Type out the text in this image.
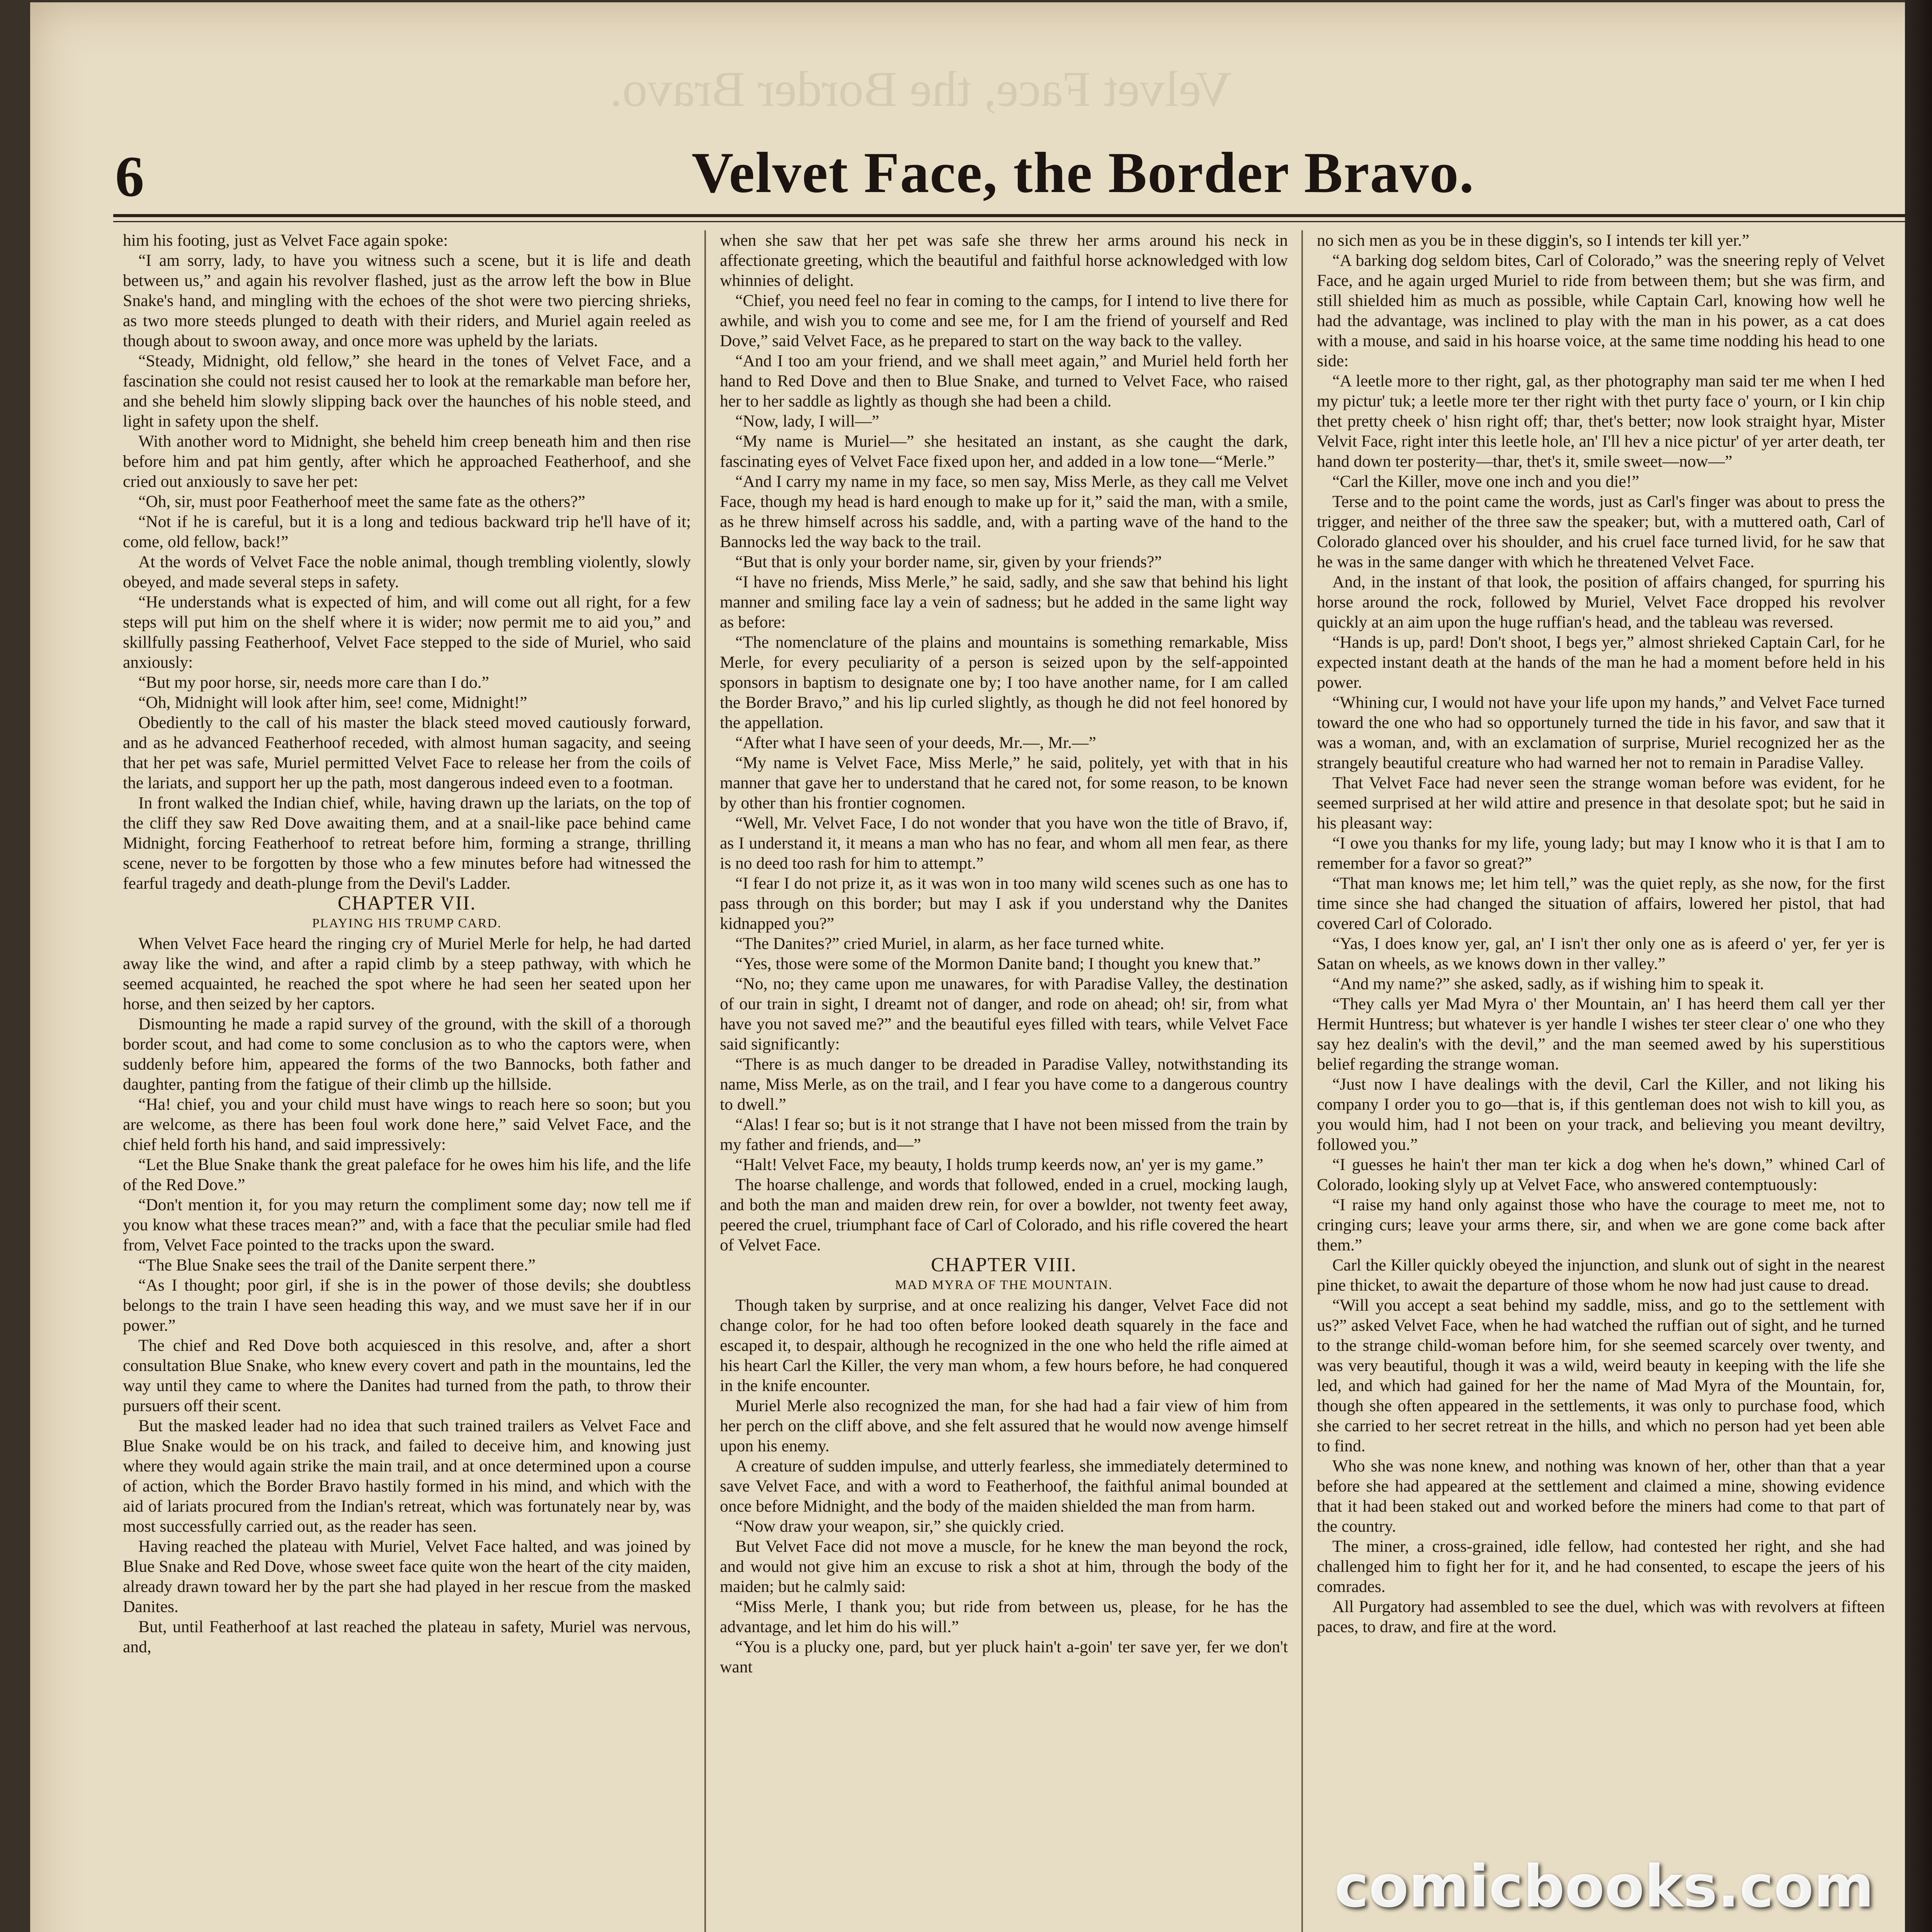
Velvet Face, the Border Bravo.
6	Velvet Face, the Border Bravo.

him his footing, just as Velvet Face again spoke:

“I am sorry, lady, to have you witness such a scene, but it is life and death between us,” and again his revolver flashed, just as the arrow left the bow in Blue Snake's hand, and mingling with the echoes of the shot were two piercing shrieks, as two more steeds plunged to death with their riders, and Muriel again reeled as though about to swoon away, and once more was upheld by the lariats.

“Steady, Midnight, old fellow,” she heard in the tones of Velvet Face, and a fascination she could not resist caused her to look at the remarkable man before her, and she beheld him slowly slipping back over the haunches of his noble steed, and light in safety upon the shelf.

With another word to Midnight, she beheld him creep beneath him and then rise before him and pat him gently, after which he approached Featherhoof, and she cried out anxiously to save her pet:

“Oh, sir, must poor Featherhoof meet the same fate as the others?”

“Not if he is careful, but it is a long and tedious backward trip he'll have of it; come, old fellow, back!”

At the words of Velvet Face the noble animal, though trembling violently, slowly obeyed, and made several steps in safety.

“He understands what is expected of him, and will come out all right, for a few steps will put him on the shelf where it is wider; now permit me to aid you,” and skillfully passing Featherhoof, Velvet Face stepped to the side of Muriel, who said anxiously:

“But my poor horse, sir, needs more care than I do.”

“Oh, Midnight will look after him, see! come, Midnight!”

Obediently to the call of his master the black steed moved cautiously forward, and as he advanced Featherhoof receded, with almost human sagacity, and seeing that her pet was safe, Muriel permitted Velvet Face to release her from the coils of the lariats, and support her up the path, most dangerous indeed even to a footman.

In front walked the Indian chief, while, having drawn up the lariats, on the top of the cliff they saw Red Dove awaiting them, and at a snail-like pace behind came Midnight, forcing Featherhoof to retreat before him, forming a strange, thrilling scene, never to be forgotten by those who a few minutes before had witnessed the fearful tragedy and death-plunge from the Devil's Ladder.

CHAPTER VII.

PLAYING HIS TRUMP CARD.

When Velvet Face heard the ringing cry of Muriel Merle for help, he had darted away like the wind, and after a rapid climb by a steep pathway, with which he seemed acquainted, he reached the spot where he had seen her seated upon her horse, and then seized by her captors.

Dismounting he made a rapid survey of the ground, with the skill of a thorough border scout, and had come to some conclusion as to who the captors were, when suddenly before him, appeared the forms of the two Bannocks, both father and daughter, panting from the fatigue of their climb up the hillside.

“Ha! chief, you and your child must have wings to reach here so soon; but you are welcome, as there has been foul work done here,” said Velvet Face, and the chief held forth his hand, and said impressively:

“Let the Blue Snake thank the great paleface for he owes him his life, and the life of the Red Dove.”

“Don't mention it, for you may return the compliment some day; now tell me if you know what these traces mean?” and, with a face that the peculiar smile had fled from, Velvet Face pointed to the tracks upon the sward.

“The Blue Snake sees the trail of the Danite serpent there.”

“As I thought; poor girl, if she is in the power of those devils; she doubtless belongs to the train I have seen heading this way, and we must save her if in our power.”

The chief and Red Dove both acquiesced in this resolve, and, after a short consultation Blue Snake, who knew every covert and path in the mountains, led the way until they came to where the Danites had turned from the path, to throw their pursuers off their scent.

But the masked leader had no idea that such trained trailers as Velvet Face and Blue Snake would be on his track, and failed to deceive him, and knowing just where they would again strike the main trail, and at once determined upon a course of action, which the Border Bravo hastily formed in his mind, and which with the aid of lariats procured from the Indian's retreat, which was fortunately near by, was most successfully carried out, as the reader has seen.

Having reached the plateau with Muriel, Velvet Face halted, and was joined by Blue Snake and Red Dove, whose sweet face quite won the heart of the city maiden, already drawn toward her by the part she had played in her rescue from the masked Danites.

But, until Featherhoof at last reached the plateau in safety, Muriel was nervous, and,

when she saw that her pet was safe she threw her arms around his neck in affectionate greeting, which the beautiful and faithful horse acknowledged with low whinnies of delight.

“Chief, you need feel no fear in coming to the camps, for I intend to live there for awhile, and wish you to come and see me, for I am the friend of yourself and Red Dove,” said Velvet Face, as he prepared to start on the way back to the valley.

“And I too am your friend, and we shall meet again,” and Muriel held forth her hand to Red Dove and then to Blue Snake, and turned to Velvet Face, who raised her to her saddle as lightly as though she had been a child.

“Now, lady, I will—”

“My name is Muriel—” she hesitated an instant, as she caught the dark, fascinating eyes of Velvet Face fixed upon her, and added in a low tone—“Merle.”

“And I carry my name in my face, so men say, Miss Merle, as they call me Velvet Face, though my head is hard enough to make up for it,” said the man, with a smile, as he threw himself across his saddle, and, with a parting wave of the hand to the Bannocks led the way back to the trail.

“But that is only your border name, sir, given by your friends?”

“I have no friends, Miss Merle,” he said, sadly, and she saw that behind his light manner and smiling face lay a vein of sadness; but he added in the same light way as before:

“The nomenclature of the plains and mountains is something remarkable, Miss Merle, for every peculiarity of a person is seized upon by the self-appointed sponsors in baptism to designate one by; I too have another name, for I am called the Border Bravo,” and his lip curled slightly, as though he did not feel honored by the appellation.

“After what I have seen of your deeds, Mr.—, Mr.—”

“My name is Velvet Face, Miss Merle,” he said, politely, yet with that in his manner that gave her to understand that he cared not, for some reason, to be known by other than his frontier cognomen.

“Well, Mr. Velvet Face, I do not wonder that you have won the title of Bravo, if, as I understand it, it means a man who has no fear, and whom all men fear, as there is no deed too rash for him to attempt.”

“I fear I do not prize it, as it was won in too many wild scenes such as one has to pass through on this border; but may I ask if you understand why the Danites kidnapped you?”

“The Danites?” cried Muriel, in alarm, as her face turned white.

“Yes, those were some of the Mormon Danite band; I thought you knew that.”

“No, no; they came upon me unawares, for with Paradise Valley, the destination of our train in sight, I dreamt not of danger, and rode on ahead; oh! sir, from what have you not saved me?” and the beautiful eyes filled with tears, while Velvet Face said significantly:

“There is as much danger to be dreaded in Paradise Valley, notwithstanding its name, Miss Merle, as on the trail, and I fear you have come to a dangerous country to dwell.”

“Alas! I fear so; but is it not strange that I have not been missed from the train by my father and friends, and—”

“Halt! Velvet Face, my beauty, I holds trump keerds now, an' yer is my game.”

The hoarse challenge, and words that followed, ended in a cruel, mocking laugh, and both the man and maiden drew rein, for over a bowlder, not twenty feet away, peered the cruel, triumphant face of Carl of Colorado, and his rifle covered the heart of Velvet Face.

CHAPTER VIII.

MAD MYRA OF THE MOUNTAIN.

Though taken by surprise, and at once realizing his danger, Velvet Face did not change color, for he had too often before looked death squarely in the face and escaped it, to despair, although he recognized in the one who held the rifle aimed at his heart Carl the Killer, the very man whom, a few hours before, he had conquered in the knife encounter.

Muriel Merle also recognized the man, for she had had a fair view of him from her perch on the cliff above, and she felt assured that he would now avenge himself upon his enemy.

A creature of sudden impulse, and utterly fearless, she immediately determined to save Velvet Face, and with a word to Featherhoof, the faithful animal bounded at once before Midnight, and the body of the maiden shielded the man from harm.

“Now draw your weapon, sir,” she quickly cried.

But Velvet Face did not move a muscle, for he knew the man beyond the rock, and would not give him an excuse to risk a shot at him, through the body of the maiden; but he calmly said:

“Miss Merle, I thank you; but ride from between us, please, for he has the advantage, and let him do his will.”

“You is a plucky one, pard, but yer pluck hain't a-goin' ter save yer, fer we don't want

no sich men as you be in these diggin's, so I intends ter kill yer.”

“A barking dog seldom bites, Carl of Colorado,” was the sneering reply of Velvet Face, and he again urged Muriel to ride from between them; but she was firm, and still shielded him as much as possible, while Captain Carl, knowing how well he had the advantage, was inclined to play with the man in his power, as a cat does with a mouse, and said in his hoarse voice, at the same time nodding his head to one side:

“A leetle more to ther right, gal, as ther photography man said ter me when I hed my pictur' tuk; a leetle more ter ther right with thet purty face o' yourn, or I kin chip thet pretty cheek o' hisn right off; thar, thet's better; now look straight hyar, Mister Velvit Face, right inter this leetle hole, an' I'll hev a nice pictur' of yer arter death, ter hand down ter posterity—thar, thet's it, smile sweet—now—”

“Carl the Killer, move one inch and you die!”

Terse and to the point came the words, just as Carl's finger was about to press the trigger, and neither of the three saw the speaker; but, with a muttered oath, Carl of Colorado glanced over his shoulder, and his cruel face turned livid, for he saw that he was in the same danger with which he threatened Velvet Face.

And, in the instant of that look, the position of affairs changed, for spurring his horse around the rock, followed by Muriel, Velvet Face dropped his revolver quickly at an aim upon the huge ruffian's head, and the tableau was reversed.

“Hands is up, pard! Don't shoot, I begs yer,” almost shrieked Captain Carl, for he expected instant death at the hands of the man he had a moment before held in his power.

“Whining cur, I would not have your life upon my hands,” and Velvet Face turned toward the one who had so opportunely turned the tide in his favor, and saw that it was a woman, and, with an exclamation of surprise, Muriel recognized her as the strangely beautiful creature who had warned her not to remain in Paradise Valley.

That Velvet Face had never seen the strange woman before was evident, for he seemed surprised at her wild attire and presence in that desolate spot; but he said in his pleasant way:

“I owe you thanks for my life, young lady; but may I know who it is that I am to remember for a favor so great?”

“That man knows me; let him tell,” was the quiet reply, as she now, for the first time since she had changed the situation of affairs, lowered her pistol, that had covered Carl of Colorado.

“Yas, I does know yer, gal, an' I isn't ther only one as is afeerd o' yer, fer yer is Satan on wheels, as we knows down in ther valley.”

“And my name?” she asked, sadly, as if wishing him to speak it.

“They calls yer Mad Myra o' ther Mountain, an' I has heerd them call yer ther Hermit Huntress; but whatever is yer handle I wishes ter steer clear o' one who they say hez dealin's with the devil,” and the man seemed awed by his superstitious belief regarding the strange woman.

“Just now I have dealings with the devil, Carl the Killer, and not liking his company I order you to go—that is, if this gentleman does not wish to kill you, as you would him, had I not been on your track, and believing you meant deviltry, followed you.”

“I guesses he hain't ther man ter kick a dog when he's down,” whined Carl of Colorado, looking slyly up at Velvet Face, who answered contemptuously:

“I raise my hand only against those who have the courage to meet me, not to cringing curs; leave your arms there, sir, and when we are gone come back after them.”

Carl the Killer quickly obeyed the injunction, and slunk out of sight in the nearest pine thicket, to await the departure of those whom he now had just cause to dread.

“Will you accept a seat behind my saddle, miss, and go to the settlement with us?” asked Velvet Face, when he had watched the ruffian out of sight, and he turned to the strange child-woman before him, for she seemed scarcely over twenty, and was very beautiful, though it was a wild, weird beauty in keeping with the life she led, and which had gained for her the name of Mad Myra of the Mountain, for, though she often appeared in the settlements, it was only to purchase food, which she carried to her secret retreat in the hills, and which no person had yet been able to find.

Who she was none knew, and nothing was known of her, other than that a year before she had appeared at the settlement and claimed a mine, showing evidence that it had been staked out and worked before the miners had come to that part of the country.

The miner, a cross-grained, idle fellow, had contested her right, and she had challenged him to fight her for it, and he had consented, to escape the jeers of his comrades.

All Purgatory had assembled to see the duel, which was with revolvers at fifteen paces, to draw, and fire at the word.

comicbooks.com
